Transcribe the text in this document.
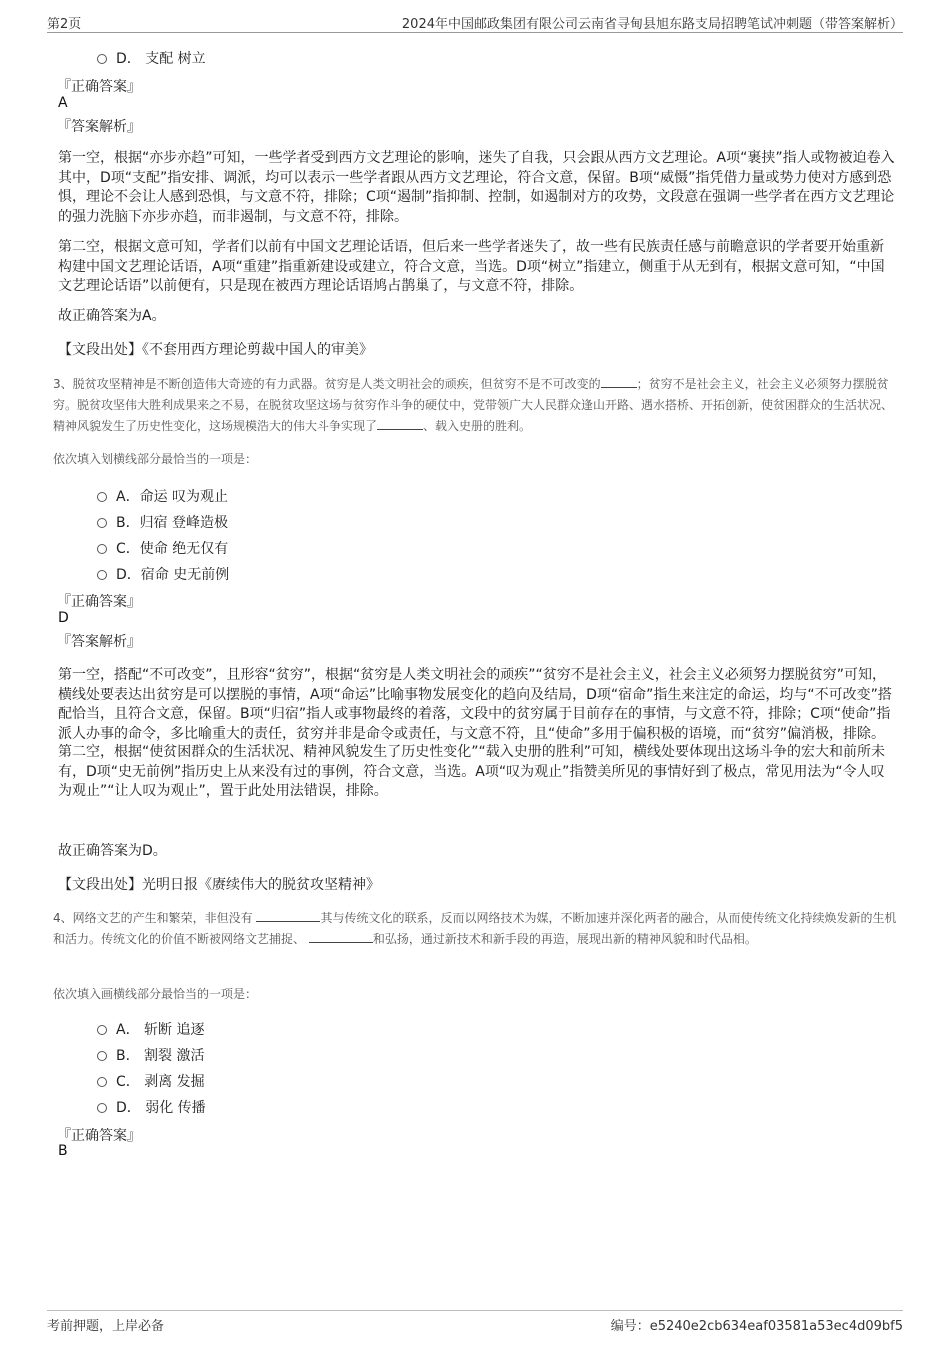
第2页	2024年中国邮政集团有限公司云南省寻甸县旭东路支局招聘笔试冲刺题（带答案解析）
D． 支配 树立
『正确答案』
A
『答案解析』
第一空，根据“亦步亦趋”可知，一些学者受到西方文艺理论的影响，迷失了自我，只会跟从西方文艺理论。A项“裹挟”指人或物被迫卷入其中，D项“支配”指安排、调派，均可以表示一些学者跟从西方文艺理论，符合文意，保留。B项“威慑”指凭借力量或势力使对方感到恐惧，理论不会让人感到恐惧，与文意不符，排除；C项“遏制”指抑制、控制，如遏制对方的攻势，文段意在强调一些学者在西方文艺理论的强力洗脑下亦步亦趋，而非遏制，与文意不符，排除。
第二空，根据文意可知，学者们以前有中国文艺理论话语，但后来一些学者迷失了，故一些有民族责任感与前瞻意识的学者要开始重新构建中国文艺理论话语，A项“重建”指重新建设或建立，符合文意，当选。D项“树立”指建立，侧重于从无到有，根据文意可知，“中国文艺理论话语”以前便有，只是现在被西方理论话语鸠占鹊巢了，与文意不符，排除。
故正确答案为A。
【文段出处】《不套用西方理论剪裁中国人的审美》
3、脱贫攻坚精神是不断创造伟大奇迹的有力武器。贫穷是人类文明社会的顽疾，但贫穷不是不可改变的	；贫穷不是社会主义，社会主义必须努力摆脱贫穷。脱贫攻坚伟大胜利成果来之不易，在脱贫攻坚这场与贫穷作斗争的硬仗中，党带领广大人民群众逢山开路、遇水搭桥、开拓创新，使贫困群众的生活状况、精神风貌发生了历史性变化，这场规模浩大的伟大斗争实现了	、载入史册的胜利。
依次填入划横线部分最恰当的一项是：
A．命运 叹为观止
B．归宿 登峰造极
C．使命 绝无仅有
D．宿命 史无前例
『正确答案』
D
『答案解析』
第一空，搭配“不可改变”，且形容“贫穷”，根据“贫穷是人类文明社会的顽疾”“贫穷不是社会主义，社会主义必须努力摆脱贫穷”可知，横线处要表达出贫穷是可以摆脱的事情，A项“命运”比喻事物发展变化的趋向及结局，D项“宿命”指生来注定的命运，均与“不可改变”搭配恰当，且符合文意，保留。B项“归宿”指人或事物最终的着落，文段中的贫穷属于目前存在的事情，与文意不符，排除；C项“使命”指派人办事的命令，多比喻重大的责任，贫穷并非是命令或责任，与文意不符，且“使命”多用于偏积极的语境，而“贫穷”偏消极，排除。
第二空，根据“使贫困群众的生活状况、精神风貌发生了历史性变化”“载入史册的胜利”可知，横线处要体现出这场斗争的宏大和前所未有，D项“史无前例”指历史上从来没有过的事例，符合文意，当选。A项“叹为观止”指赞美所见的事情好到了极点，常见用法为“令人叹为观止”“让人叹为观止”，置于此处用法错误，排除。
故正确答案为D。
【文段出处】光明日报《赓续伟大的脱贫攻坚精神》
4、网络文艺的产生和繁荣，非但没有	其与传统文化的联系，反而以网络技术为媒，不断加速并深化两者的融合，从而使传统文化持续焕发新的生机和活力。传统文化的价值不断被网络文艺捕捉、	和弘扬，通过新技术和新手段的再造，展现出新的精神风貌和时代品相。
依次填入画横线部分最恰当的一项是：
A． 斩断 追逐
B． 割裂 激活
C． 剥离 发掘
D． 弱化 传播
『正确答案』
B
考前押题，上岸必备	编号：e5240e2cb634eaf03581a53ec4d09bf5
